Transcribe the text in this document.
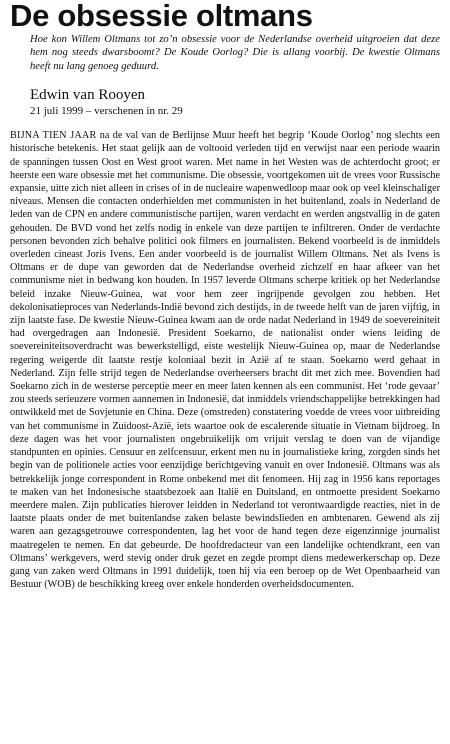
De obsessie oltmans

Hoe kon Willem Oltmans tot zo’n obsessie voor de Nederlandse overheid uitgroeien dat deze hem nog steeds dwarsboomt? De Koude Oorlog? Die is allang voorbij. De kwestie Oltmans heeft nu lang genoeg geduurd.

Edwin van Rooyen
21 juli 1999 – verschenen in nr. 29

BIJNA TIEN JAAR na de val van de Berlijnse Muur heeft het begrip ‘Koude Oorlog’ nog slechts een historische betekenis. Het staat gelijk aan de voltooid verleden tijd en verwijst naar een periode waarin de spanningen tussen Oost en West groot waren. Met name in het Westen was de achterdocht groot; er heerste een ware obsessie met het communisme. Die obsessie, voortgekomen uit de vrees voor Russische expansie, uitte zich niet alleen in crises of in de nucleaire wapenwedloop maar ook op veel kleinschaliger niveaus. Mensen die contacten onderhielden met communisten in het buitenland, zoals in Nederland de leden van de CPN en andere communistische partijen, waren verdacht en werden angstvallig in de gaten gehouden. De BVD vond het zelfs nodig in enkele van deze partijen te infiltreren. Onder de verdachte personen bevonden zich behalve politici ook filmers en journalisten. Bekend voorbeeld is de inmiddels overleden cineast Joris Ivens. Een ander voorbeeld is de journalist Willem Oltmans. Net als Ivens is Oltmans er de dupe van geworden dat de Nederlandse overheid zichzelf en haar afkeer van het communisme niet in bedwang kon houden. In 1957 leverde Oltmans scherpe kritiek op het Nederlandse beleid inzake Nieuw-Guinea, wat voor hem zeer ingrijpende gevolgen zou hebben. Het dekolonisatieproces van Nederlands-Indië bevond zich destijds, in de tweede helft van de jaren vijftig, in zijn laatste fase. De kwestie Nieuw-Guinea kwam aan de orde nadat Nederland in 1949 de soevereiniteit had overgedragen aan Indonesië. President Soekarno, de nationalist onder wiens leiding de soevereiniteitsoverdracht was bewerkstelligd, eiste westelijk Nieuw-Guinea op, maar de Nederlandse regering weigerde dit laatste restje koloniaal bezit in Azië af te staan. Soekarno werd gehaat in Nederland. Zijn felle strijd tegen de Nederlandse overheersers bracht dit met zich mee. Bovendien had Soekarno zich in de westerse perceptie meer en meer laten kennen als een communist. Het ‘rode gevaar’ zou steeds serieuzere vormen aannemen in Indonesië, dat inmiddels vriendschappelijke betrekkingen had ontwikkeld met de Sovjetunie en China. Deze (omstreden) constatering voedde de vrees voor uitbreiding van het communisme in Zuidoost-Azië, iets waartoe ook de escalerende situatie in Vietnam bijdroeg. In deze dagen was het voor journalisten ongebruikelijk om vrijuit verslag te doen van de vijandige standpunten en opinies. Censuur en zelfcensuur, erkent men nu in journalistieke kring, zorgden sinds het begin van de politionele acties voor eenzijdige berichtgeving vanuit en over Indonesië. Oltmans was als betrekkelijk jonge correspondent in Rome onbekend met dit fenomeen. Hij zag in 1956 kans reportages te maken van het Indonesische staatsbezoek aan Italië en Duitsland, en ontmoette president Soekarno meerdere malen. Zijn publicaties hierover leidden in Nederland tot verontwaardigde reacties, niet in de laatste plaats onder de met buitenlandse zaken belaste bewindslieden en ambtenaren. Gewend als zij waren aan gezagsgetrouwe correspondenten, lag het voor de hand tegen deze eigenzinnige journalist maatregelen te nemen. En dat gebeurde. De hoofdredacteur van een landelijke ochtendkrant, een van Oltmans’ werkgevers, werd stevig onder druk gezet en zegde prompt diens medewerkerschap op. Deze gang van zaken werd Oltmans in 1991 duidelijk, toen hij via een beroep op de Wet Openbaarheid van Bestuur (WOB) de beschikking kreeg over enkele honderden overheidsdocumenten.
